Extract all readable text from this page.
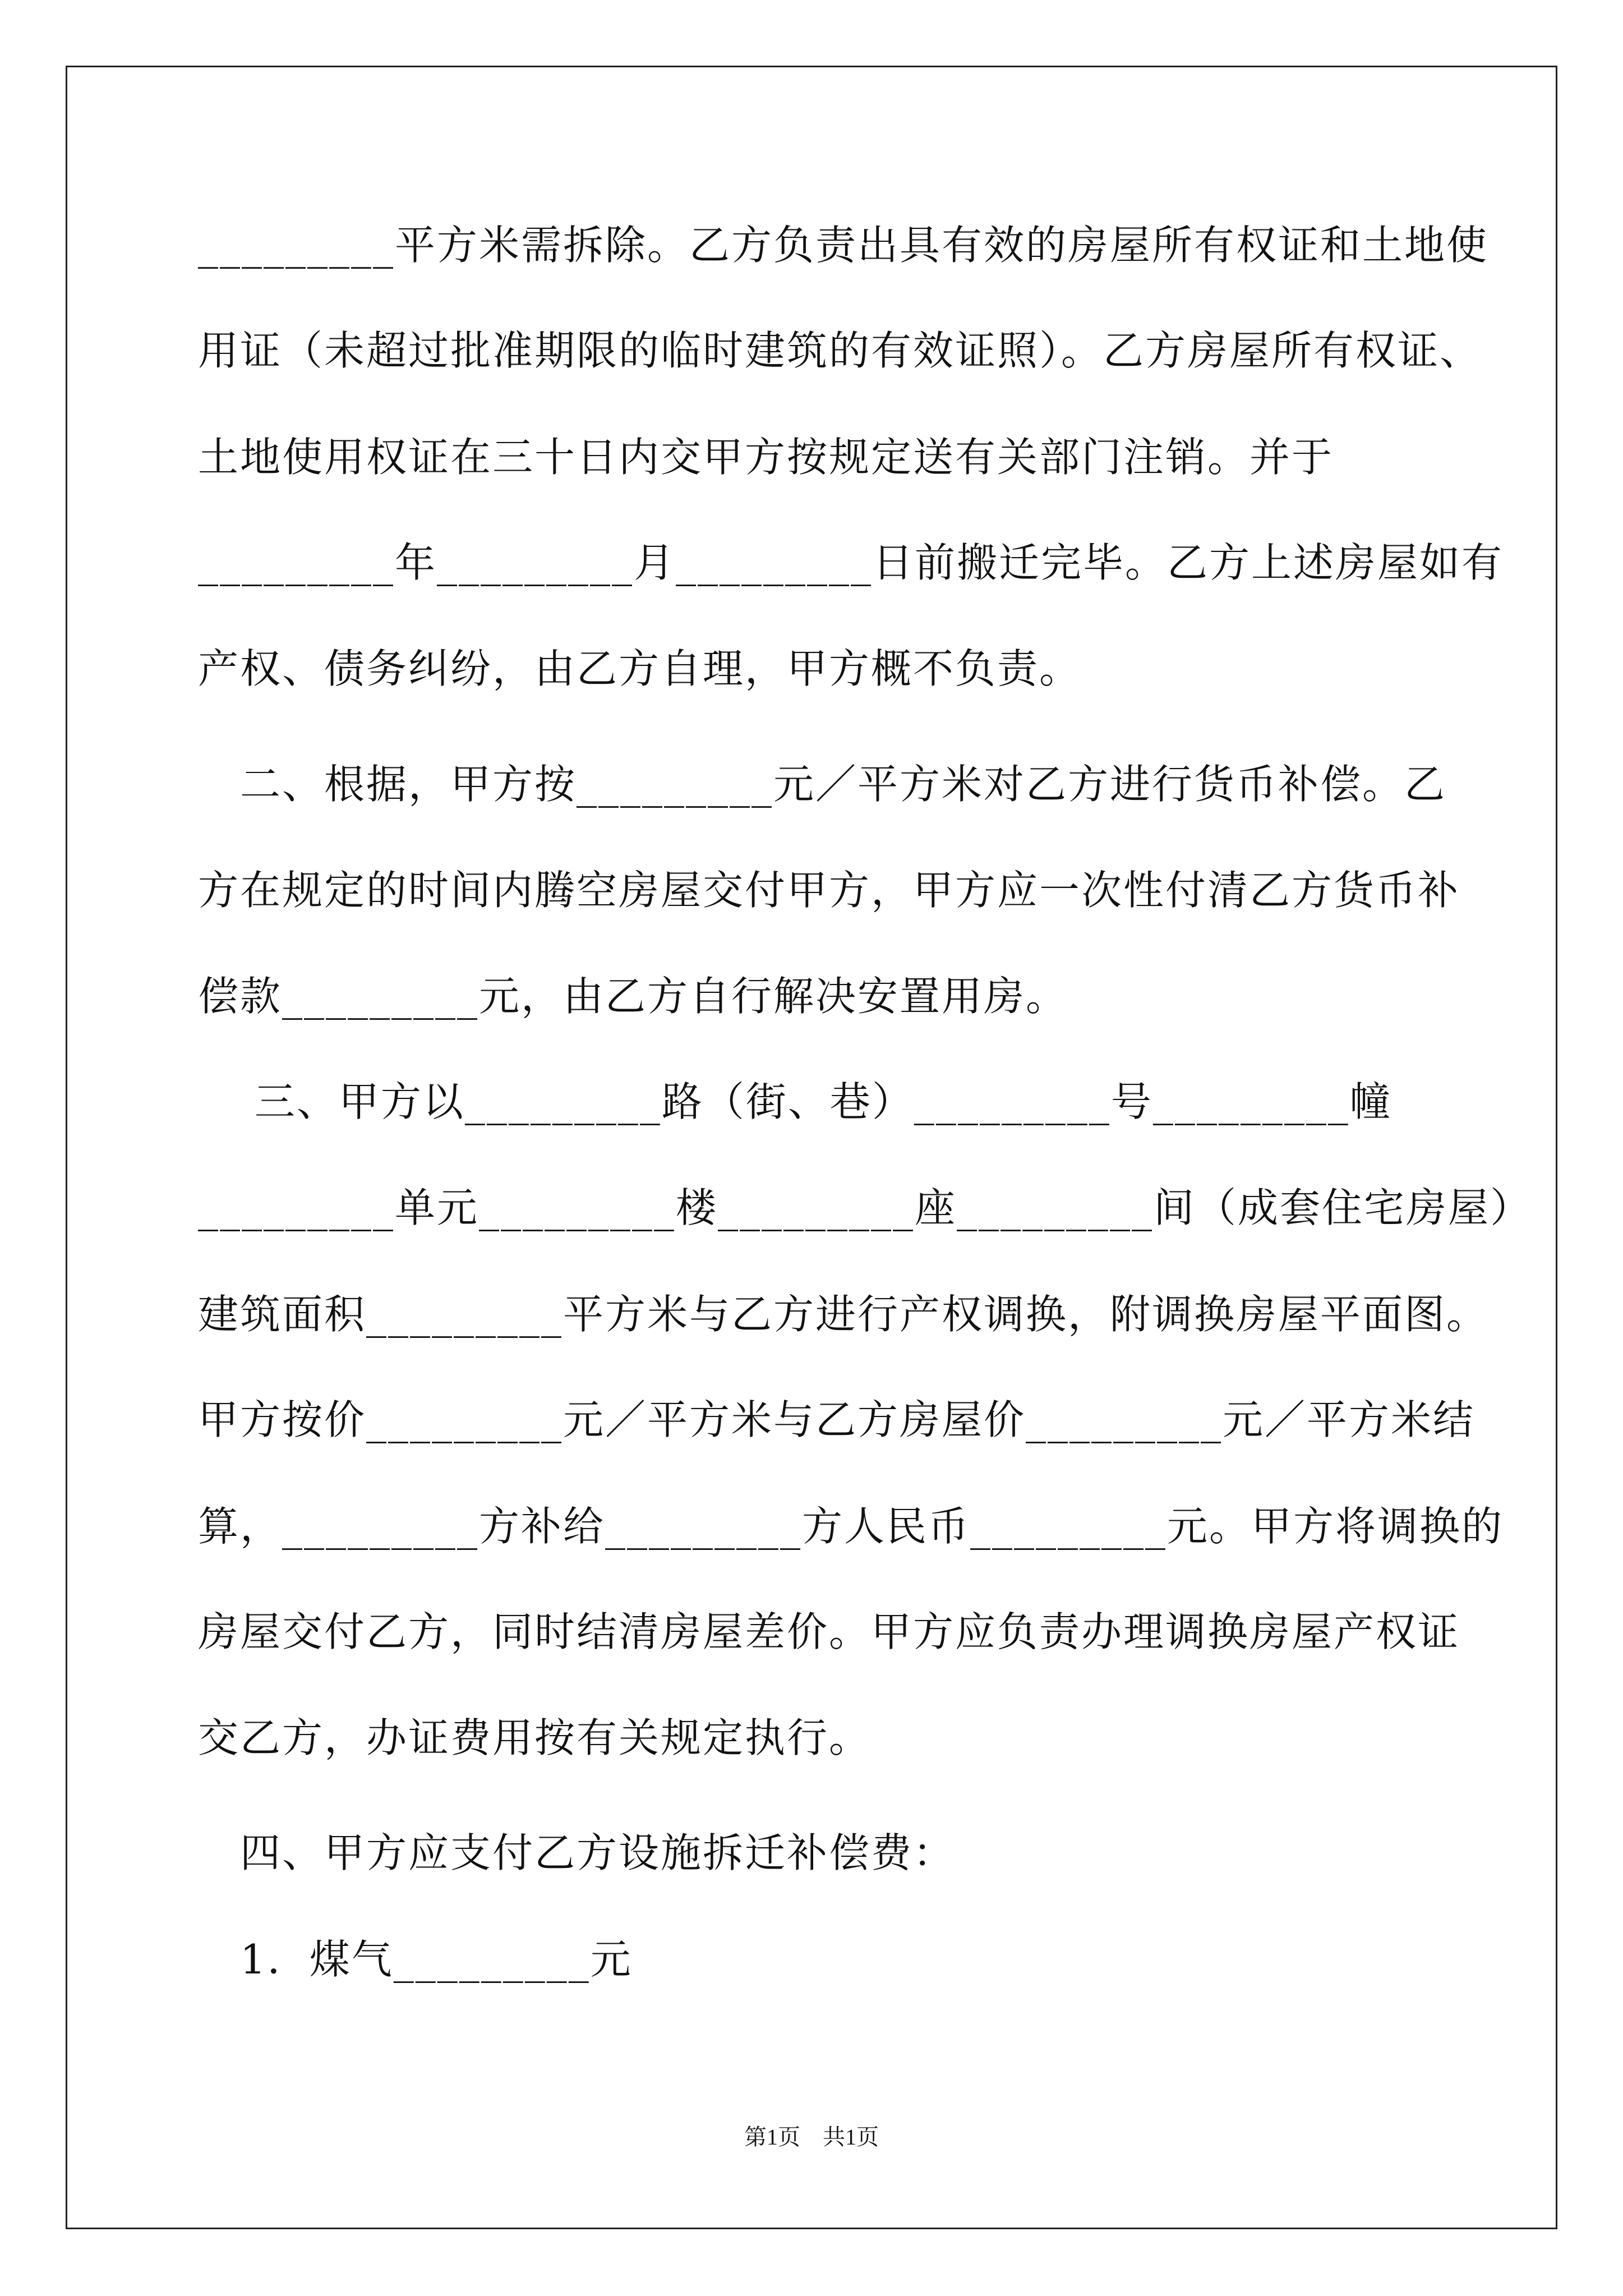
_________平方米需拆除。乙方负责出具有效的房屋所有权证和土地使
用证（未超过批准期限的临时建筑的有效证照）。乙方房屋所有权证、
土地使用权证在三十日内交甲方按规定送有关部门注销。并于
_________年_________月_________日前搬迁完毕。乙方上述房屋如有
产权、债务纠纷，由乙方自理，甲方概不负责。
　二、根据，甲方按_________元／平方米对乙方进行货币补偿。乙
方在规定的时间内腾空房屋交付甲方，甲方应一次性付清乙方货币补
偿款_________元，由乙方自行解决安置用房。
　 三、甲方以_________路（街、巷）_________号_________幢
_________单元_________楼_________座_________间（成套住宅房屋）
建筑面积_________平方米与乙方进行产权调换，附调换房屋平面图。
甲方按价_________元／平方米与乙方房屋价_________元／平方米结
算，_________方补给_________方人民币_________元。甲方将调换的
房屋交付乙方，同时结清房屋差价。甲方应负责办理调换房屋产权证
交乙方，办证费用按有关规定执行。
　四、甲方应支付乙方设施拆迁补偿费：
　1．煤气_________元
第1页　共1页
